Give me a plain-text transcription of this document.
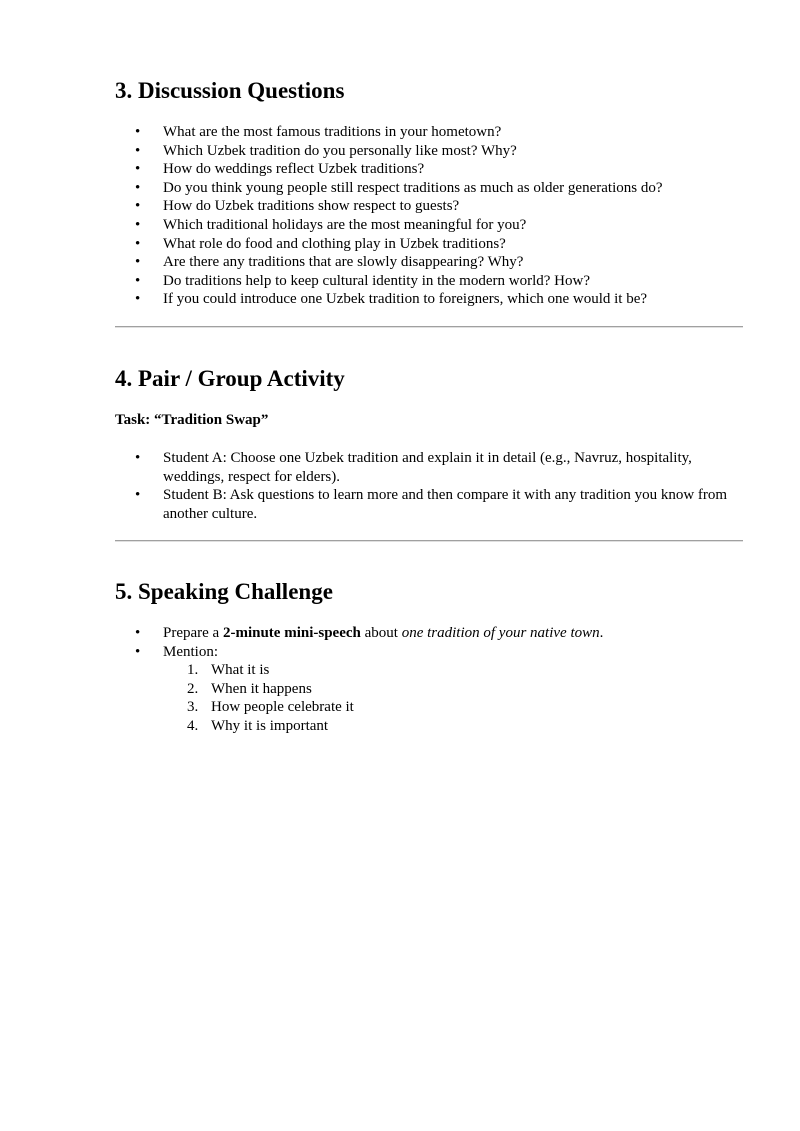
3. Discussion Questions
• What are the most famous traditions in your hometown?
• Which Uzbek tradition do you personally like most? Why?
• How do weddings reflect Uzbek traditions?
• Do you think young people still respect traditions as much as older generations do?
• How do Uzbek traditions show respect to guests?
• Which traditional holidays are the most meaningful for you?
• What role do food and clothing play in Uzbek traditions?
• Are there any traditions that are slowly disappearing? Why?
• Do traditions help to keep cultural identity in the modern world? How?
• If you could introduce one Uzbek tradition to foreigners, which one would it be?
4. Pair / Group Activity
Task: “Tradition Swap”
• Student A: Choose one Uzbek tradition and explain it in detail (e.g., Navruz, hospitality, weddings, respect for elders).
• Student B: Ask questions to learn more and then compare it with any tradition you know from another culture.
5. Speaking Challenge
• Prepare a 2-minute mini-speech about one tradition of your native town.
• Mention:
1. What it is
2. When it happens
3. How people celebrate it
4. Why it is important
